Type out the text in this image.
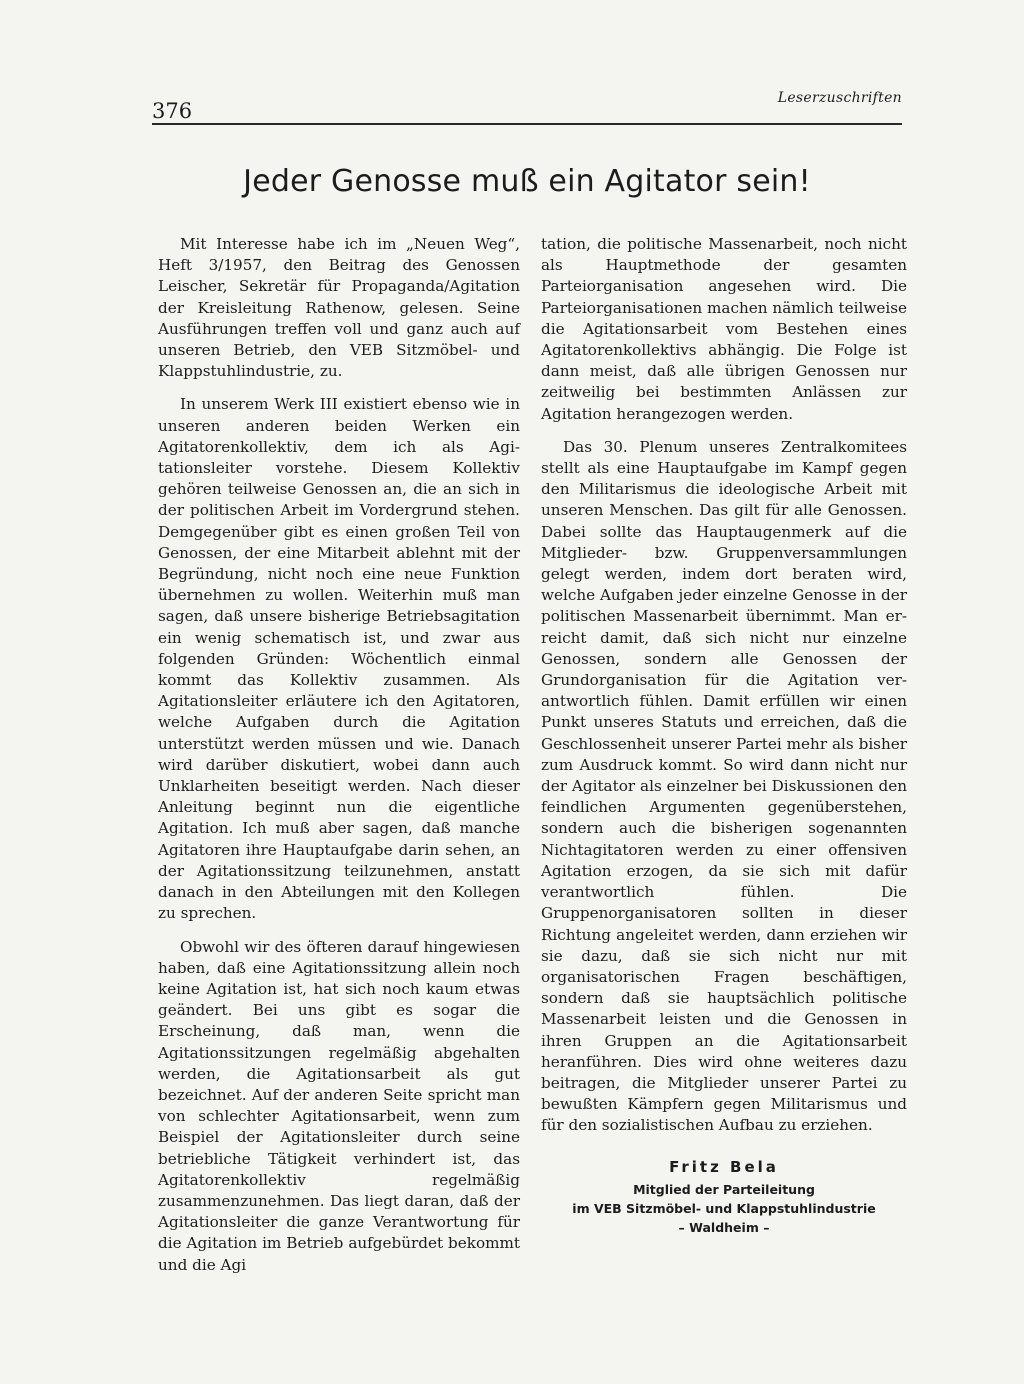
376
Leserzuschriften
Jeder Genosse muß ein Agitator sein!

Mit Interesse habe ich im „Neuen Weg“, Heft 3/1957, den Beitrag des Genossen Leischer, Sekretär für Propaganda/Agitation der Kreisleitung Rathenow, gelesen. Seine Ausführungen treffen voll und ganz auch auf unseren Betrieb, den VEB Sitzmöbel- und Klappstuhlindustrie, zu.

In unserem Werk III existiert ebenso wie in unseren anderen beiden Werken ein Agitatorenkollektiv, dem ich als Agitationsleiter vorstehe. Diesem Kollektiv gehören teilweise Genossen an, die an sich in der politischen Arbeit im Vordergrund stehen. Demgegenüber gibt es einen großen Teil von Genossen, der eine Mitarbeit ablehnt mit der Begründung, nicht noch eine neue Funktion übernehmen zu wollen. Weiterhin muß man sagen, daß unsere bisherige Betriebsagitation ein wenig schematisch ist, und zwar aus folgenden Gründen: Wöchentlich einmal kommt das Kollektiv zusammen. Als Agitationsleiter erläutere ich den Agitatoren, welche Aufgaben durch die Agitation unterstützt werden müssen und wie. Danach wird darüber diskutiert, wobei dann auch Unklarheiten beseitigt werden. Nach dieser Anleitung beginnt nun die eigentliche Agitation. Ich muß aber sagen, daß manche Agitatoren ihre Hauptaufgabe darin sehen, an der Agitationssitzung teilzunehmen, anstatt danach in den Abteilungen mit den Kollegen zu sprechen.

Obwohl wir des öfteren darauf hingewiesen haben, daß eine Agitationssitzung allein noch keine Agitation ist, hat sich noch kaum etwas geändert. Bei uns gibt es sogar die Erscheinung, daß man, wenn die Agitationssitzungen regelmäßig abgehalten werden, die Agitationsarbeit als gut bezeichnet. Auf der anderen Seite spricht man von schlechter Agitationsarbeit, wenn zum Beispiel der Agitationsleiter durch seine betriebliche Tätigkeit verhindert ist, das Agitatorenkollektiv regelmäßig zusammenzunehmen. Das liegt daran, daß der Agitationsleiter die ganze Verantwortung für die Agitation im Betrieb aufgebürdet bekommt und die Agi

tation, die politische Massenarbeit, noch nicht als Hauptmethode der gesamten Parteiorganisation angesehen wird. Die Parteiorganisationen machen nämlich teilweise die Agitationsarbeit vom Bestehen eines Agitatorenkollektivs abhängig. Die Folge ist dann meist, daß alle übrigen Genossen nur zeitweilig bei bestimmten Anlässen zur Agitation herangezogen werden.

Das 30. Plenum unseres Zentralkomitees stellt als eine Hauptaufgabe im Kampf gegen den Militarismus die ideologische Arbeit mit unseren Menschen. Das gilt für alle Genossen. Dabei sollte das Hauptaugenmerk auf die Mitglieder- bzw. Gruppenversammlungen gelegt werden, indem dort beraten wird, welche Aufgaben jeder einzelne Genosse in der politischen Massenarbeit übernimmt. Man erreicht damit, daß sich nicht nur einzelne Genossen, sondern alle Genossen der Grundorganisation für die Agitation verantwortlich fühlen. Damit erfüllen wir einen Punkt unseres Statuts und erreichen, daß die Geschlossenheit unserer Partei mehr als bisher zum Ausdruck kommt. So wird dann nicht nur der Agitator als einzelner bei Diskussionen den feindlichen Argumenten gegenüberstehen, sondern auch die bisherigen sogenannten Nichtagitatoren werden zu einer offensiven Agitation erzogen, da sie sich mit dafür verantwortlich fühlen. Die Gruppenorganisatoren sollten in dieser Richtung angeleitet werden, dann erziehen wir sie dazu, daß sie sich nicht nur mit organisatorischen Fragen beschäftigen, sondern daß sie hauptsächlich politische Massenarbeit leisten und die Genossen in ihren Gruppen an die Agitationsarbeit heranführen. Dies wird ohne weiteres dazu beitragen, die Mitglieder unserer Partei zu bewußten Kämpfern gegen Militarismus und für den sozialistischen Aufbau zu erziehen.

Fritz Bela
Mitglied der Parteileitung
im VEB Sitzmöbel- und Klappstuhlindustrie
– Waldheim –
